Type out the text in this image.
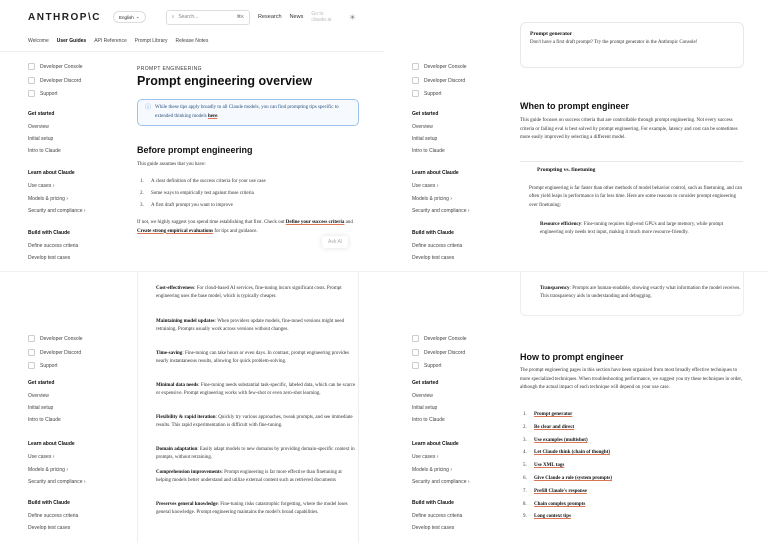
ANTHROP\C	English ⌄	⌕ Search...	⌘K	Research News Go to claude.ai	☀
Welcome User Guides API Reference Prompt Library Release Notes
Developer Console
Developer Discord
Support
Get started
Overview
Initial setup
Intro to Claude
Learn about Claude
Use cases
›
Models & pricing
›
Security and compliance
›
Build with Claude
Define success criteria
Develop test cases
PROMPT ENGINEERING
Prompt engineering overview
ⓘ While these tips apply broadly to all Claude models, you can find prompting tips specific to extended thinking models here.
Before prompt engineering
This guide assumes that you have:
1. A clear definition of the success criteria for your use case
2. Some ways to empirically test against those criteria
3. A first draft prompt you want to improve
If not, we highly suggest you spend time establishing that first. Check out Define your success criteria and Create strong empirical evaluations for tips and guidance.
Ask AI
Prompt generator
Don't have a first draft prompt? Try the prompt generator in the Anthropic Console!
Developer Console
Developer Discord
Support
Get started
Overview
Initial setup
Intro to Claude
Learn about Claude
Use cases
›
Models & pricing
›
Security and compliance
›
Build with Claude
Define success criteria
Develop test cases
When to prompt engineer
This guide focuses on success criteria that are controllable through prompt engineering. Not every success criteria or failing eval is best solved by prompt engineering. For example, latency and cost can be sometimes more easily improved by selecting a different model.
Prompting vs. finetuning
Prompt engineering is far faster than other methods of model behavior control, such as finetuning, and can often yield leaps in performance in far less time. Here are some reasons to consider prompt engineering over finetuning:
Resource efficiency: Fine-tuning requires high-end GPUs and large memory, while prompt engineering only needs text input, making it much more resource-friendly.
Developer Console
Developer Discord
Support
Get started
Overview
Initial setup
Intro to Claude
Learn about Claude
Use cases
›
Models & pricing
›
Security and compliance
›
Build with Claude
Define success criteria
Develop test cases
Cost-effectiveness: For cloud-based AI services, fine-tuning incurs significant costs. Prompt engineering uses the base model, which is typically cheaper.
Maintaining model updates: When providers update models, fine-tuned versions might need retraining. Prompts usually work across versions without changes.
Time-saving: Fine-tuning can take hours or even days. In contrast, prompt engineering provides nearly instantaneous results, allowing for quick problem-solving.
Minimal data needs: Fine-tuning needs substantial task-specific, labeled data, which can be scarce or expensive. Prompt engineering works with few-shot or even zero-shot learning.
Flexibility & rapid iteration: Quickly try various approaches, tweak prompts, and see immediate results. This rapid experimentation is difficult with fine-tuning.
Domain adaptation: Easily adapt models to new domains by providing domain-specific context in prompts, without retraining.
Comprehension improvements: Prompt engineering is far more effective than finetuning at helping models better understand and utilize external content such as retrieved documents
Preserves general knowledge: Fine-tuning risks catastrophic forgetting, where the model loses general knowledge. Prompt engineering maintains the model's broad capabilities.
Transparency: Prompts are human-readable, showing exactly what information the model receives. This transparency aids in understanding and debugging.
Developer Console
Developer Discord
Support
Get started
Overview
Initial setup
Intro to Claude
Learn about Claude
Use cases
›
Models & pricing
›
Security and compliance
›
Build with Claude
Define success criteria
Develop test cases
How to prompt engineer
The prompt engineering pages in this section have been organized from most broadly effective techniques to more specialized techniques. When troubleshooting performance, we suggest you try these techniques in order, although the actual impact of each technique will depend on your use case.
1. Prompt generator
2. Be clear and direct
3. Use examples (multishot)
4. Let Claude think (chain of thought)
5. Use XML tags
6. Give Claude a role (system prompts)
7. Prefill Claude's response
8. Chain complex prompts
9. Long context tips
